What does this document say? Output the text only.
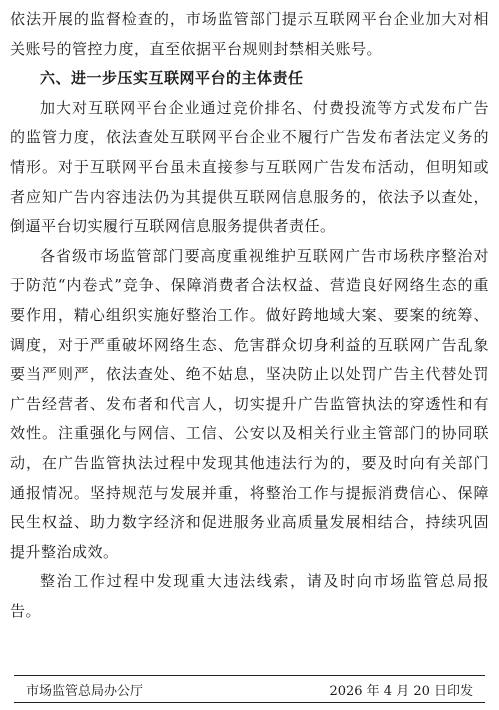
依法开展的监督检查的，市场监管部门提示互联网平台企业加大对相关账号的管控力度，直至依据平台规则封禁相关账号。

六、进一步压实互联网平台的主体责任

加大对互联网平台企业通过竞价排名、付费投流等方式发布广告的监管力度，依法查处互联网平台企业不履行广告发布者法定义务的情形。对于互联网平台虽未直接参与互联网广告发布活动，但明知或者应知广告内容违法仍为其提供互联网信息服务的，依法予以查处，倒逼平台切实履行互联网信息服务提供者责任。

各省级市场监管部门要高度重视维护互联网广告市场秩序整治对于防范“内卷式”竞争、保障消费者合法权益、营造良好网络生态的重要作用，精心组织实施好整治工作。做好跨地域大案、要案的统筹、调度，对于严重破坏网络生态、危害群众切身利益的互联网广告乱象要当严则严，依法查处、绝不姑息，坚决防止以处罚广告主代替处罚广告经营者、发布者和代言人，切实提升广告监管执法的穿透性和有效性。注重强化与网信、工信、公安以及相关行业主管部门的协同联动，在广告监管执法过程中发现其他违法行为的，要及时向有关部门通报情况。坚持规范与发展并重，将整治工作与提振消费信心、保障民生权益、助力数字经济和促进服务业高质量发展相结合，持续巩固提升整治成效。

整治工作过程中发现重大违法线索，请及时向市场监管总局报告。

市场监管总局办公厅	2026 年 4 月 20 日印发
